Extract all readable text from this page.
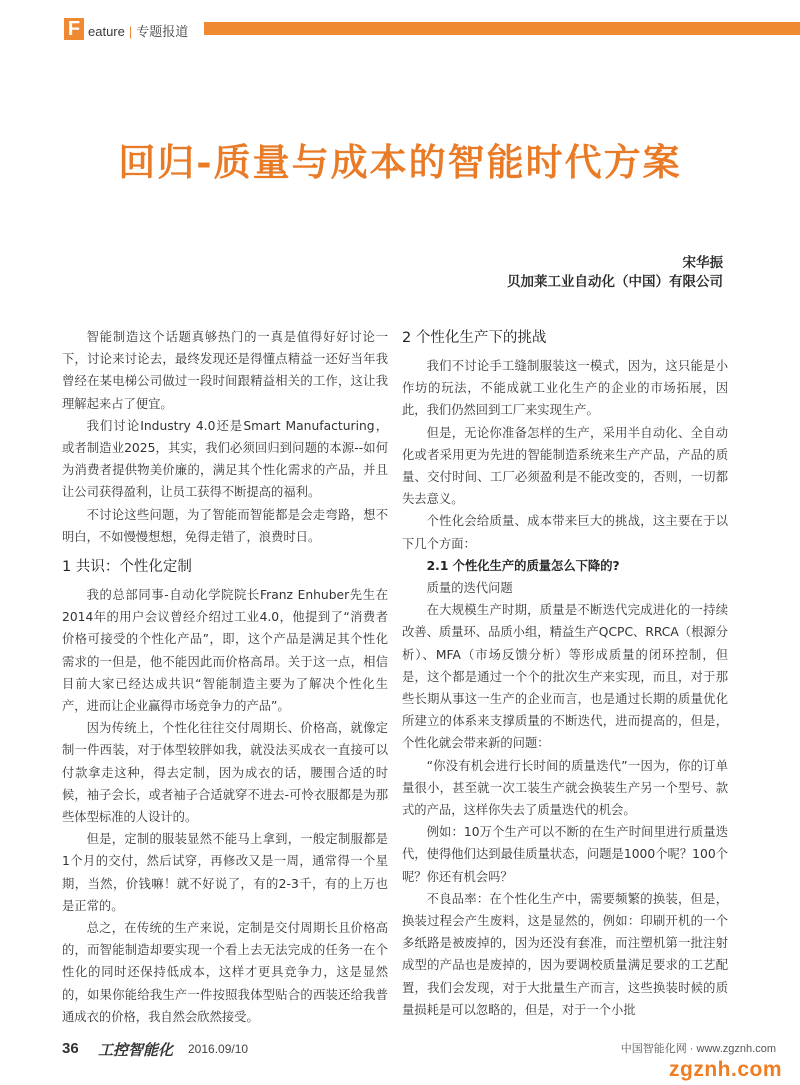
F eature | 专题报道
回归-质量与成本的智能时代方案
宋华振
贝加莱工业自动化（中国）有限公司

智能制造这个话题真够热门的一真是值得好好讨论一下，讨论来讨论去，最终发现还是得懂点精益一还好当年我曾经在某电梯公司做过一段时间跟精益相关的工作，这让我理解起来占了便宜。

我们讨论Industry 4.0还是Smart Manufacturing，或者制造业2025，其实，我们必须回归到问题的本源--如何为消费者提供物美价廉的，满足其个性化需求的产品，并且让公司获得盈利，让员工获得不断提高的福利。

不讨论这些问题，为了智能而智能都是会走弯路，想不明白，不如慢慢想想，免得走错了，浪费时日。

1 共识：个性化定制

我的总部同事-自动化学院院长Franz Enhuber先生在2014年的用户会议曾经介绍过工业4.0，他提到了“消费者价格可接受的个性化产品”，即，这个产品是满足其个性化需求的一但是，他不能因此而价格高昂。关于这一点，相信目前大家已经达成共识“智能制造主要为了解决个性化生产，进而让企业赢得市场竞争力的产品”。

因为传统上，个性化往往交付周期长、价格高，就像定制一件西装，对于体型较胖如我，就没法买成衣一直接可以付款拿走这种，得去定制，因为成衣的话，腰围合适的时候，袖子会长，或者袖子合适就穿不进去-可怜衣服都是为那些体型标准的人设计的。

但是，定制的服装显然不能马上拿到，一般定制服都是1个月的交付，然后试穿，再修改又是一周，通常得一个星期，当然，价钱嘛！就不好说了，有的2-3千，有的上万也是正常的。

总之，在传统的生产来说，定制是交付周期长且价格高的，而智能制造却要实现一个看上去无法完成的任务一在个性化的同时还保持低成本，这样才更具竞争力，这是显然的，如果你能给我生产一件按照我体型贴合的西装还给我普通成衣的价格，我自然会欣然接受。

2 个性化生产下的挑战

我们不讨论手工缝制服装这一模式，因为，这只能是小作坊的玩法，不能成就工业化生产的企业的市场拓展，因此，我们仍然回到工厂来实现生产。

但是，无论你准备怎样的生产，采用半自动化、全自动化或者采用更为先进的智能制造系统来生产产品，产品的质量、交付时间、工厂必须盈利是不能改变的，否则，一切都失去意义。

个性化会给质量、成本带来巨大的挑战，这主要在于以下几个方面：

2.1 个性化生产的质量怎么下降的?

质量的迭代问题

在大规模生产时期，质量是不断迭代完成进化的一持续改善、质量环、品质小组，精益生产QCPC、RRCA（根源分析）、MFA（市场反馈分析）等形成质量的闭环控制，但是，这个都是通过一个个的批次生产来实现，而且，对于那些长期从事这一生产的企业而言，也是通过长期的质量优化所建立的体系来支撑质量的不断迭代，进而提高的，但是，个性化就会带来新的问题：

“你没有机会进行长时间的质量迭代”一因为，你的订单量很小，甚至就一次工装生产就会换装生产另一个型号、款式的产品，这样你失去了质量迭代的机会。

例如：10万个生产可以不断的在生产时间里进行质量迭代，使得他们达到最佳质量状态，问题是1000个呢？100个呢？你还有机会吗？

不良品率：在个性化生产中，需要频繁的换装，但是，换装过程会产生废料，这是显然的，例如：印刷开机的一个多纸路是被废掉的，因为还没有套准，而注塑机第一批注射成型的产品也是废掉的，因为要调校质量满足要求的工艺配置，我们会发现，对于大批量生产而言，这些换装时候的质量损耗是可以忽略的，但是，对于一个小批

36 工控智能化 2016.09/10	中国智能化网 · www.zgznh.com
zgznh.com
